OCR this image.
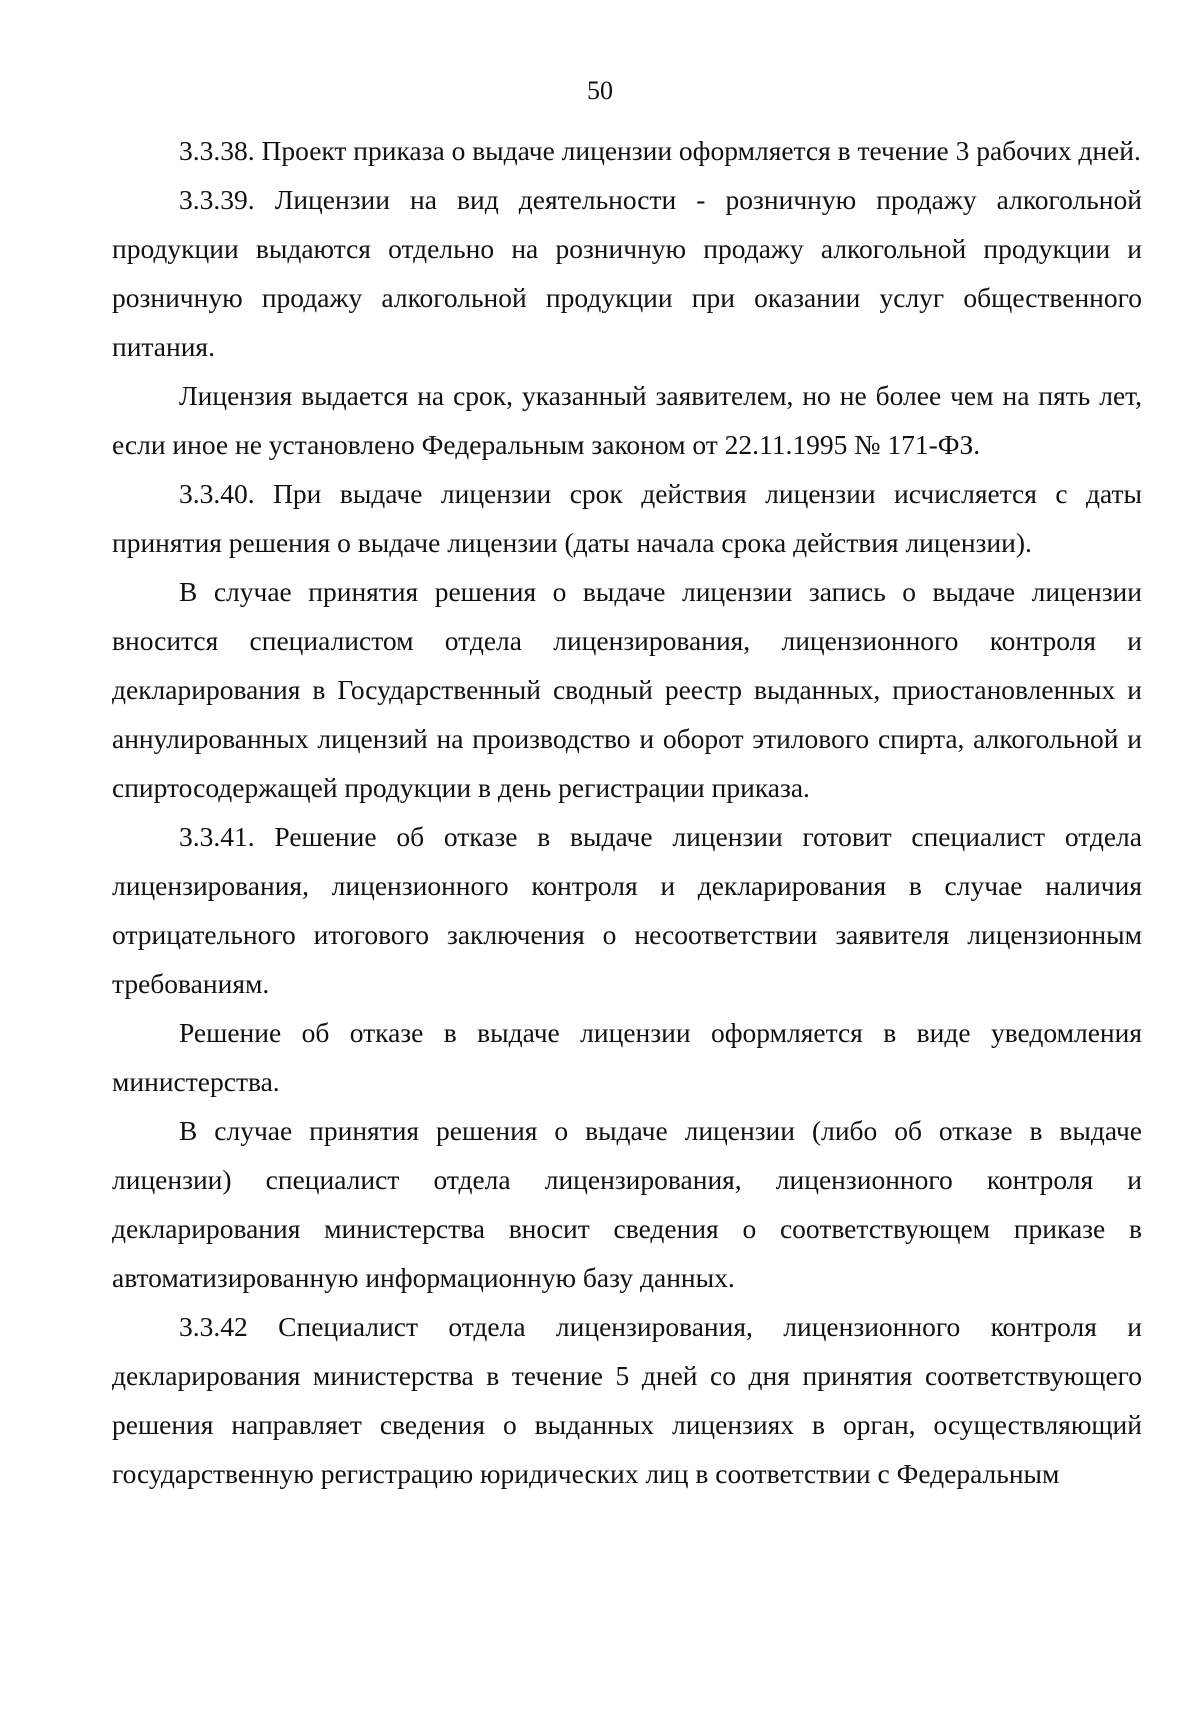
50

3.3.38. Проект приказа о выдаче лицензии оформляется в течение 3 рабочих дней.

3.3.39. Лицензии на вид деятельности - розничную продажу алкогольной продукции выдаются отдельно на розничную продажу алкогольной продукции и розничную продажу алкогольной продукции при оказании услуг общественного питания.

Лицензия выдается на срок, указанный заявителем, но не более чем на пять лет, если иное не установлено Федеральным законом от 22.11.1995 № 171-ФЗ.

3.3.40. При выдаче лицензии срок действия лицензии исчисляется с даты принятия решения о выдаче лицензии (даты начала срока действия лицензии).

В случае принятия решения о выдаче лицензии запись о выдаче лицензии вносится специалистом отдела лицензирования, лицензионного контроля и декларирования в Государственный сводный реестр выданных, приостановленных и аннулированных лицензий на производство и оборот этилового спирта, алкогольной и спиртосодержащей продукции в день регистрации приказа.

3.3.41. Решение об отказе в выдаче лицензии готовит специалист отдела лицензирования, лицензионного контроля и декларирования в случае наличия отрицательного итогового заключения о несоответствии заявителя лицензионным требованиям.

Решение об отказе в выдаче лицензии оформляется в виде уведомления министерства.

В случае принятия решения о выдаче лицензии (либо об отказе в выдаче лицензии) специалист отдела лицензирования, лицензионного контроля и декларирования министерства вносит сведения о соответствующем приказе в автоматизированную информационную базу данных.

3.3.42 Специалист отдела лицензирования, лицензионного контроля и декларирования министерства в течение 5 дней со дня принятия соответствующего решения направляет сведения о выданных лицензиях в орган, осуществляющий государственную регистрацию юридических лиц в соответствии с Федеральным
